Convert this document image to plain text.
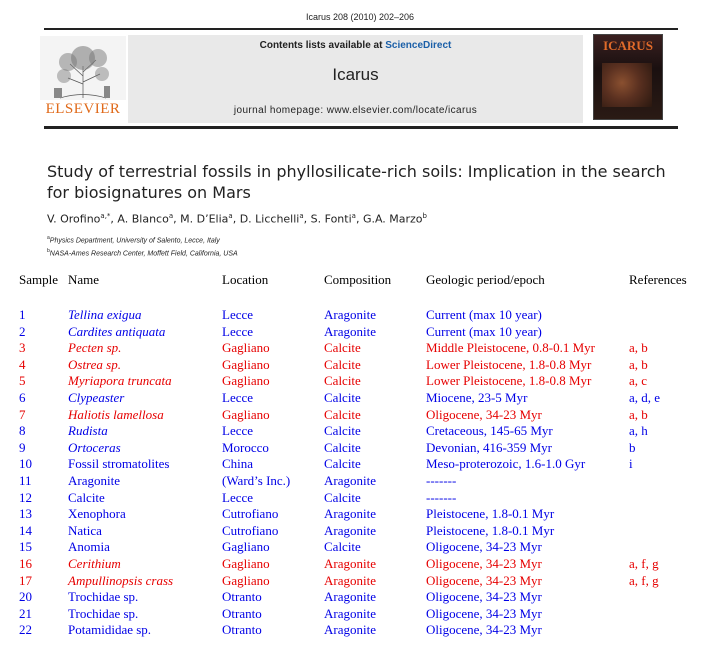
Icarus 208 (2010) 202–206
ELSEVIER
Contents lists available at ScienceDirect
Icarus
journal homepage: www.elsevier.com/locate/icarus
ICARUS
Study of terrestrial fossils in phyllosilicate-rich soils: Implication in the search for biosignatures on Mars
V. Orofino$^{a,*}$, A. Blanco$^a$, M. D’Elia$^a$, D. Licchelli$^a$, S. Fonti$^a$, G.A. Marzo$^b$
$^a$Physics Department, University of Salento, Lecce, Italy
$^b$NASA-Ames Research Center, Moffett Field, California, USA
Sample Name	Location	Composition	Geologic period/epoch	References
1	Tellina exigua	Lecce	Aragonite	Current (max 10 year)
2	Cardites antiquata	Lecce	Aragonite	Current (max 10 year)
3	Pecten sp.	Gagliano	Calcite	Middle Pleistocene, 0.8-0.1 Myr	a, b
4	Ostrea sp.	Gagliano	Calcite	Lower Pleistocene, 1.8-0.8 Myr	a, b
5	Myriapora truncata	Gagliano	Calcite	Lower Pleistocene, 1.8-0.8 Myr	a, c
6	Clypeaster	Lecce	Calcite	Miocene, 23-5 Myr	a, d, e
7	Haliotis lamellosa	Gagliano	Calcite	Oligocene, 34-23 Myr	a, b
8	Rudista	Lecce	Calcite	Cretaceous, 145-65 Myr	a, h
9	Ortoceras	Morocco	Calcite	Devonian, 416-359 Myr	b
10	Fossil stromatolites	China	Calcite	Meso-proterozoic, 1.6-1.0 Gyr	i
11	Aragonite	(Ward’s Inc.)	Aragonite	-------
12	Calcite	Lecce	Calcite	-------
13	Xenophora	Cutrofiano	Aragonite	Pleistocene, 1.8-0.1 Myr
14	Natica	Cutrofiano	Aragonite	Pleistocene, 1.8-0.1 Myr
15	Anomia	Gagliano	Calcite	Oligocene, 34-23 Myr
16	Cerithium	Gagliano	Aragonite	Oligocene, 34-23 Myr	a, f, g
17	Ampullinopsis crass	Gagliano	Aragonite	Oligocene, 34-23 Myr	a, f, g
20	Trochidae sp.	Otranto	Aragonite	Oligocene, 34-23 Myr
21	Trochidae sp.	Otranto	Aragonite	Oligocene, 34-23 Myr
22	Potamididae sp.	Otranto	Aragonite	Oligocene, 34-23 Myr
